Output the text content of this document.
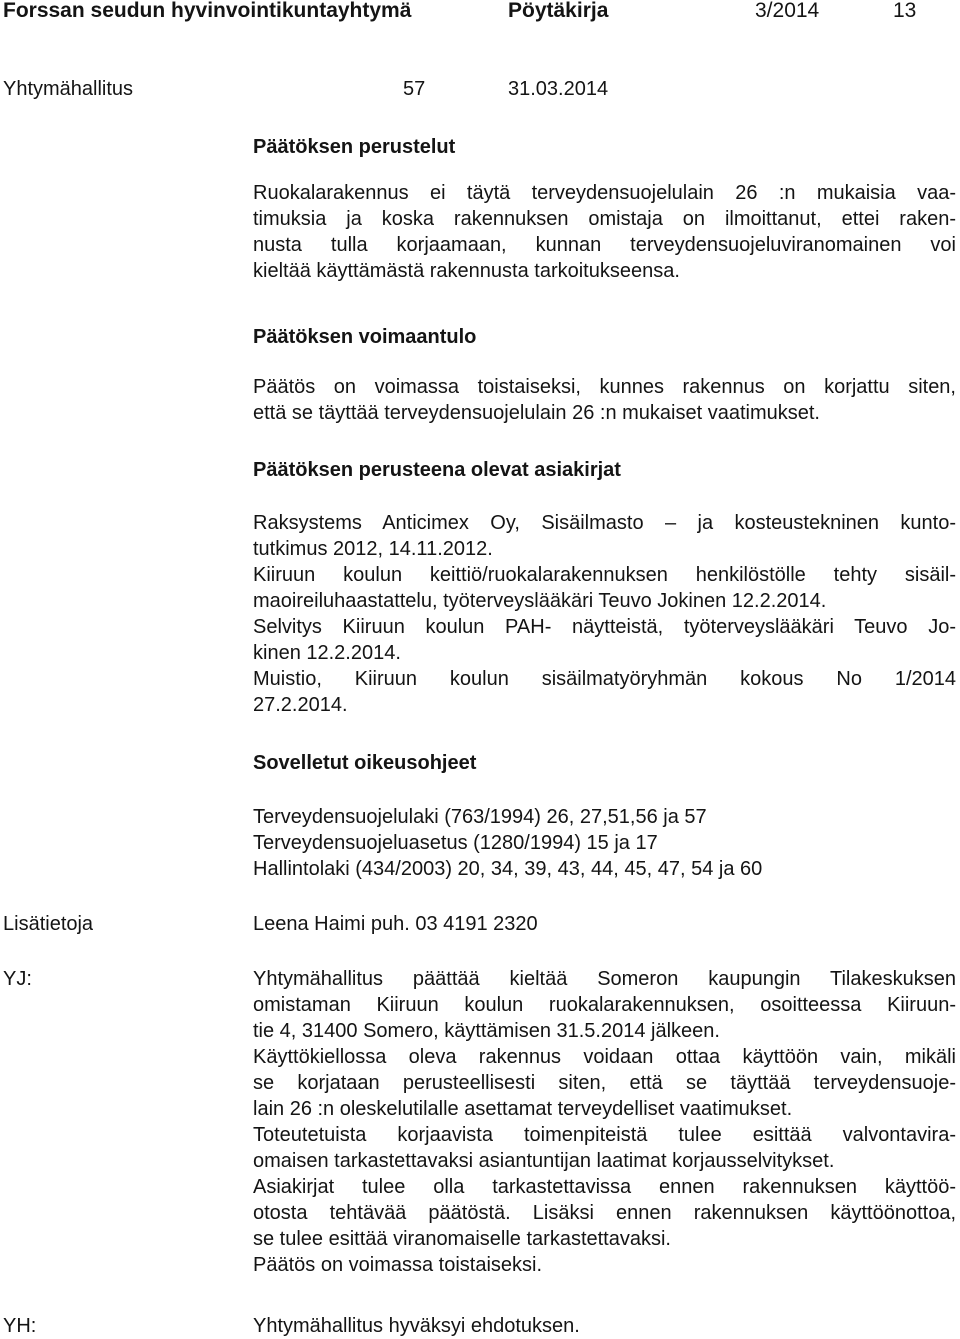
Forssan seudun hyvinvointikuntayhtymä	Pöytäkirja	3/2014	13
Yhtymähallitus	57	31.03.2014
Päätöksen perustelut
Ruokalarakennus ei täytä terveydensuojelulain 26 :n mukaisia vaa-
timuksia ja koska rakennuksen omistaja on ilmoittanut, ettei raken-
nusta tulla korjaamaan, kunnan terveydensuojeluviranomainen voi
kieltää käyttämästä rakennusta tarkoitukseensa.
Päätöksen voimaantulo
Päätös on voimassa toistaiseksi, kunnes rakennus on korjattu siten,
että se täyttää terveydensuojelulain 26 :n mukaiset vaatimukset.
Päätöksen perusteena olevat asiakirjat
Raksystems Anticimex Oy, Sisäilmasto – ja kosteustekninen kunto-
tutkimus 2012, 14.11.2012.
Kiiruun koulun keittiö/ruokalarakennuksen henkilöstölle tehty sisäil-
maoireiluhaastattelu, työterveyslääkäri Teuvo Jokinen 12.2.2014.
Selvitys Kiiruun koulun PAH- näytteistä, työterveyslääkäri Teuvo Jo-
kinen 12.2.2014.
Muistio, Kiiruun koulun sisäilmatyöryhmän kokous No 1/2014
27.2.2014.
Sovelletut oikeusohjeet
Terveydensuojelulaki (763/1994) 26, 27,51,56 ja 57
Terveydensuojeluasetus (1280/1994) 15 ja 17
Hallintolaki (434/2003) 20, 34, 39, 43, 44, 45, 47, 54 ja 60
Lisätietoja	Leena Haimi puh. 03 4191 2320
YJ:	Yhtymähallitus päättää kieltää Someron kaupungin Tilakeskuksen
omistaman Kiiruun koulun ruokalarakennuksen, osoitteessa Kiiruun-
tie 4, 31400 Somero, käyttämisen 31.5.2014 jälkeen.
Käyttökiellossa oleva rakennus voidaan ottaa käyttöön vain, mikäli
se korjataan perusteellisesti siten, että se täyttää terveydensuoje-
lain 26 :n oleskelutilalle asettamat terveydelliset vaatimukset.
Toteutetuista korjaavista toimenpiteistä tulee esittää valvontavira-
omaisen tarkastettavaksi asiantuntijan laatimat korjausselvitykset.
Asiakirjat tulee olla tarkastettavissa ennen rakennuksen käyttöö-
otosta tehtävää päätöstä. Lisäksi ennen rakennuksen käyttöönottoa,
se tulee esittää viranomaiselle tarkastettavaksi.
Päätös on voimassa toistaiseksi.
YH:	Yhtymähallitus hyväksyi ehdotuksen.
